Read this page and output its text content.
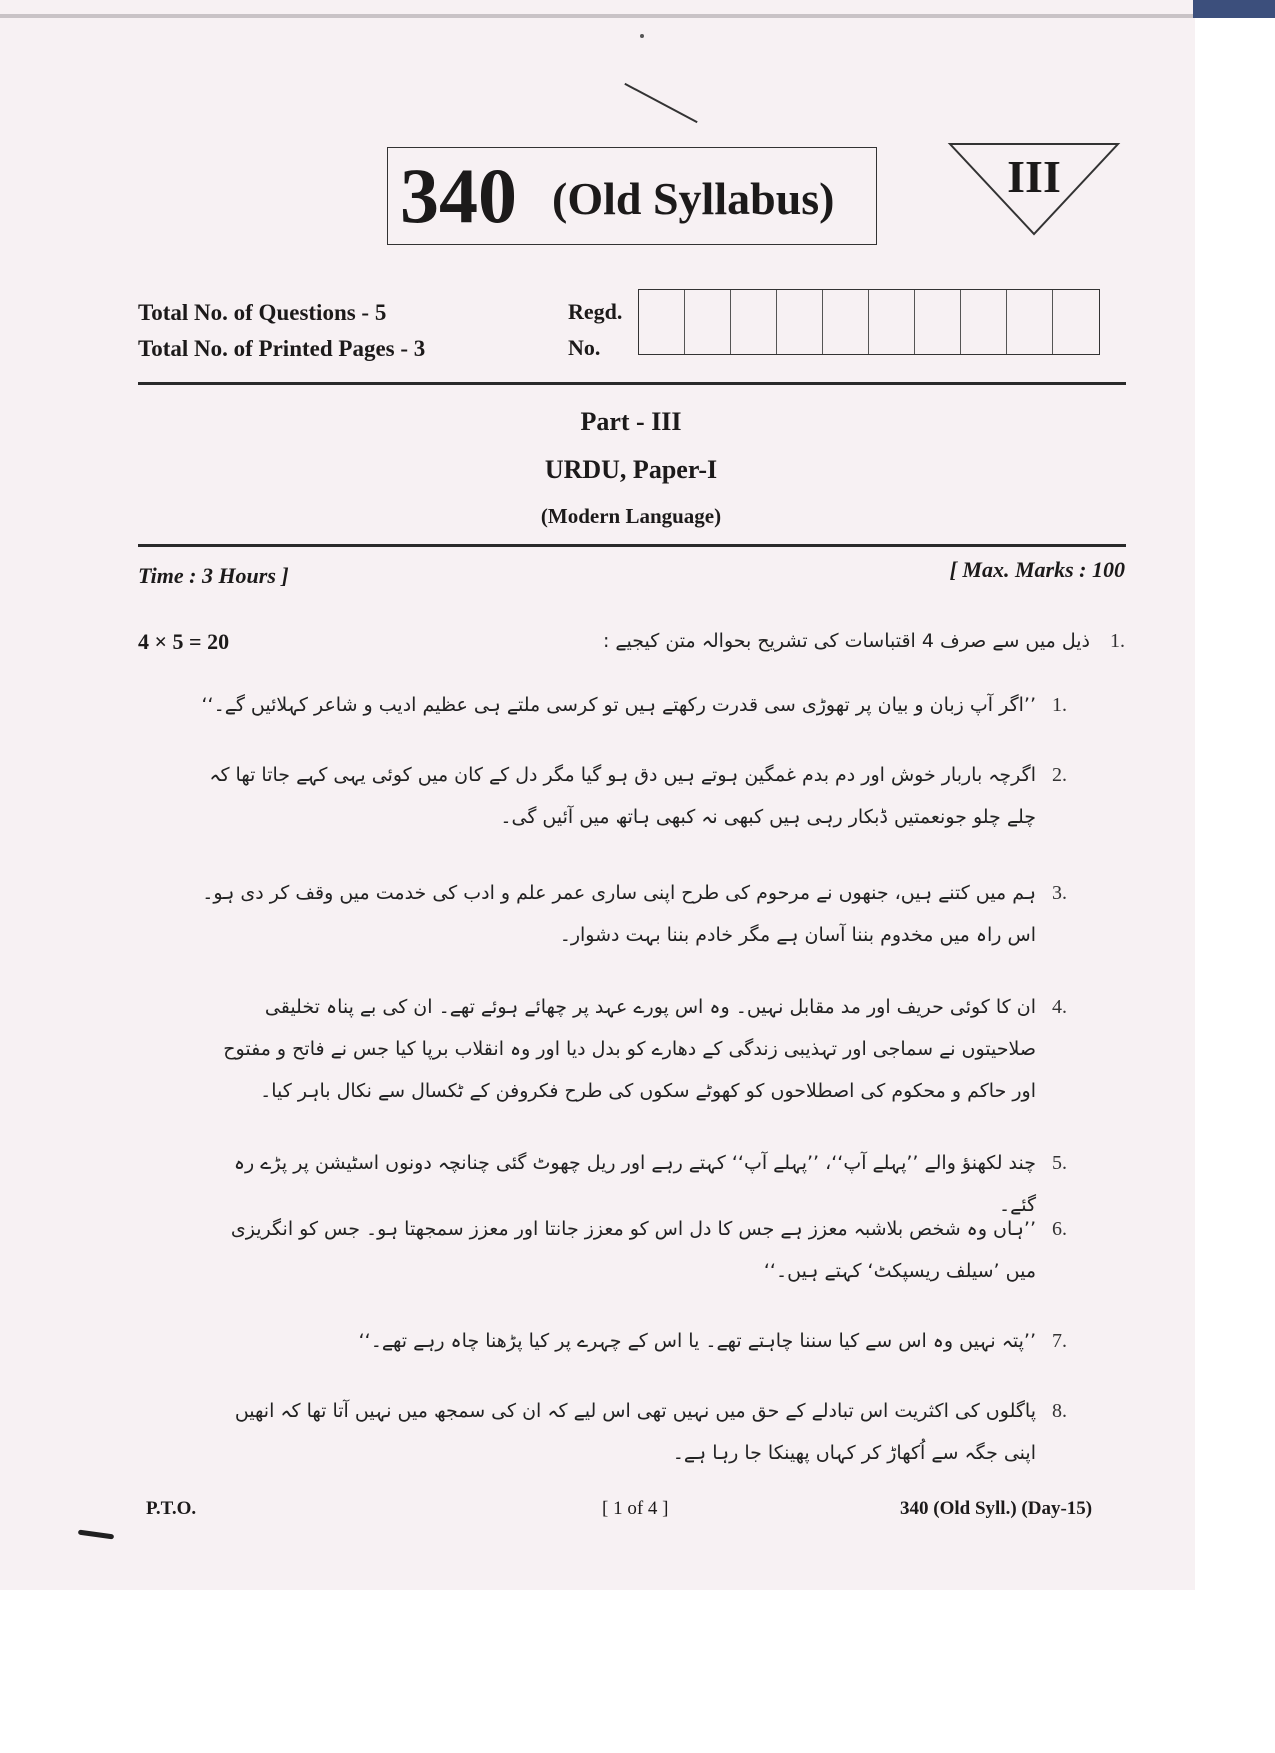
340 (Old Syllabus)	III
Total No. of Questions - 5
Total No. of Printed Pages - 3
Regd.
No.
Part - III
URDU, Paper-I
(Modern Language)
Time : 3 Hours ]	[ Max. Marks : 100
4 × 5 = 20	1.
ذیل میں سے صرف 4 اقتباسات کی تشریح بحوالہ متن کیجیے :
1.
’’اگر آپ زبان و بیان پر تھوڑی سی قدرت رکھتے ہیں تو کرسی ملتے ہی عظیم ادیب و شاعر کہلائیں گے۔‘‘
2.
اگرچہ باربار خوش اور دم بدم غمگین ہوتے ہیں دق ہو گیا مگر دل کے کان میں کوئی یہی کہے جاتا تھا کہ چلے چلو جونعمتیں ڈبکار رہی ہیں کبھی نہ کبھی ہاتھ میں آئیں گی۔
3.
ہم میں کتنے ہیں، جنھوں نے مرحوم کی طرح اپنی ساری عمر علم و ادب کی خدمت میں وقف کر دی ہو۔ اس راہ میں مخدوم بننا آسان ہے مگر خادم بننا بہت دشوار۔
4.
ان کا کوئی حریف اور مد مقابل نہیں۔ وہ اس پورے عہد پر چھائے ہوئے تھے۔ ان کی بے پناہ تخلیقی صلاحیتوں نے سماجی اور تہذیبی زندگی کے دھارے کو بدل دیا اور وہ انقلاب برپا کیا جس نے فاتح و مفتوح اور حاکم و محکوم کی اصطلاحوں کو کھوٹے سکوں کی طرح فکروفن کے ٹکسال سے نکال باہر کیا۔
5.
چند لکھنؤ والے ’’پہلے آپ‘‘، ’’پہلے آپ‘‘ کہتے رہے اور ریل چھوٹ گئی چنانچہ دونوں اسٹیشن پر پڑے رہ گئے۔
6.
’’ہاں وہ شخص بلاشبہ معزز ہے جس کا دل اس کو معزز جانتا اور معزز سمجھتا ہو۔ جس کو انگریزی میں ’سیلف ریسپکٹ‘ کہتے ہیں۔‘‘
7.
’’پتہ نہیں وہ اس سے کیا سننا چاہتے تھے۔ یا اس کے چہرے پر کیا پڑھنا چاہ رہے تھے۔‘‘
8.
پاگلوں کی اکثریت اس تبادلے کے حق میں نہیں تھی اس لیے کہ ان کی سمجھ میں نہیں آتا تھا کہ انھیں اپنی جگہ سے اُکھاڑ کر کہاں پھینکا جا رہا ہے۔
P.T.O.	[ 1 of 4 ]	340 (Old Syll.) (Day-15)
